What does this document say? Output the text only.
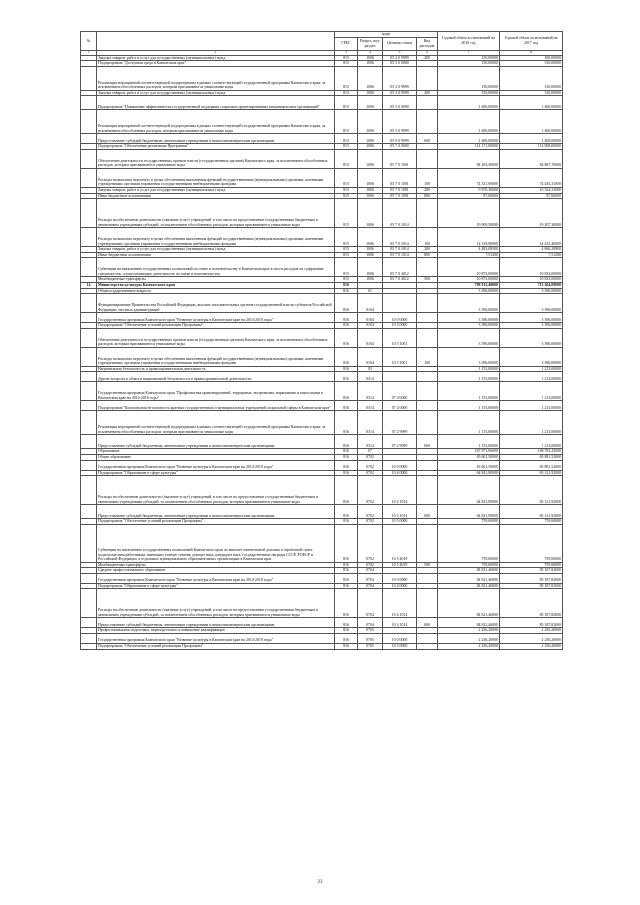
№		коды				Годовой объем ассигнований на 2016 год	Годовой объем ассигнований на 2017 год
		ГРБС	Раздел, под-раздел	Целевая статья	Вид расходов		
1	2	3	4	5	6	7	8
	Закупка товаров, работ и услуг для государственных (муниципальных) нужд	815	1006	05 2 0 9999	200	150,00000	100,00000
	Подпрограмма "Доступная среда в Камчатском крае"	815	1006	05 3 0 0000		150,00000	310,00000
	Реализация мероприятий соответствующей подпрограммы в рамках соответствующей государственной программы Камчатского края, за исключением обособленных расходов, которым присваиваются уникальные коды	815	1006	05 3 0 9999		150,00000	310,00000
	Закупка товаров, работ и услуг для государственных (муниципальных) нужд	815	1006	05 3 0 9999	200	150,00000	310,00000
	Подпрограмма "Повышение эффективности государственной поддержки социально ориентированных некоммерческих организаций"	815	1006	05 5 0 0000		1 400,00000	1 400,00000
	Реализация мероприятий соответствующей подпрограммы в рамках соответствующей государственной программы Камчатского края, за исключением обособленных расходов, которым присваиваются уникальные коды	815	1006	05 5 0 9999		1 400,00000	1 400,00000
	Предоставление субсидий бюджетным, автономным учреждениям и иным некоммерческим организациям	815	1006	05 5 0 9999	600	1 400,00000	1 400,00000
	Подпрограмма "Обеспечение реализации Программы"	815	1006	05 7 0 0000		114 171,00000	114 908,00000
	Обеспечение деятельности государственных органов власти (государственных органов) Камчатского края, за исключением обособленных расходов, которым присваиваются уникальные коды	815	1006	05 7 0 1001		84 293,30000	84 867,70000
	Расходы на выплаты персоналу в целях обеспечения выполнения функций государственными (муниципальными) органами, казенными учреждениями, органами управления государственными внебюджетными фондами	815	1006	05 7 0 1001	100	74 331,00000	74 435,31000
	Закупка товаров, работ и услуг для государственных (муниципальных) нужд	815	1006	05 7 0 1001	200	9 870,30000	10 324,33000
	Иные бюджетные ассигнования	815	1006	05 7 0 1001	800	87,66000	87,66000
	Расходы на обеспечение деятельности (оказание услуг) учреждений, в том числе на предоставление государственным бюджетным и автономным учреждениям субсидий, за исключением обособленных расходов, которым присваиваются уникальные коды	815	1006	05 7 0 1014		19 009,50000	19 207,30000
	Расходы на выплаты персоналу в целях обеспечения выполнения функций государственными (муниципальными) органами, казенными учреждениями, органами управления государственными внебюджетными фондами	815	1006	05 7 0 1014	100	14 518,90000	14 433,40000
	Закупка товаров, работ и услуг для государственных (муниципальных) нужд	815	1006	05 7 0 1014	200	4 483,08500	4 866,28900
	Иные бюджетные ассигнования	815	1006	05 7 0 1014	800	7,51200	7,51200
	Субвенции на выполнение государственных полномочий по опеке и попечительству в Камчатском крае в части расходов на содержание специалистов, осуществляющих деятельность по опеке и попечительству	815	1006	05 7 0 4012		10 873,00000	10 833,00000
	Межбюджетные трансферты	815	1006	05 7 0 4012	500	10 873,00000	10 833,00000
14	Министерство культуры Камчатского края	816				708 012,40000	713 264,09000
	Общегосударственные вопросы	816	01			3 396,00000	3 396,00000
	Функционирование Правительства Российской Федерации, высших исполнительных органов государственной власти субъектов Российской Федерации, местных администраций	816	0104			3 396,00000	3 396,00000
	Государственная программа Камчатского края "Развитие культуры в Камчатском крае на 2014-2018 годы"	816	0104	10 0 0000		3 396,00000	3 396,00000
	Подпрограмма "Обеспечение условий реализации Программы"	816	0104	10 5 0000		3 396,00000	3 396,00000
	Обеспечение деятельности государственных органов власти (государственных органов) Камчатского края, за исключением обособленных расходов, которым присваиваются уникальные коды	816	0104	10 5 1001		3 396,00000	3 396,00000
	Расходы на выплаты персоналу в целях обеспечения выполнения функций государственными (муниципальными) органами, казенными учреждениями, органами управления государственными внебюджетными фондами	816	0104	10 5 1001	100	3 396,00000	3 396,00000
	Национальная безопасность и правоохранительная деятельность	816	03			1 153,00000	1 213,00000
	Другие вопросы в области национальной безопасности и правоохранительной деятельности	816	0314			1 153,00000	1 213,00000
	Государственная программа Камчатского края "Профилактика правонарушений, терроризма, экстремизма, наркомании и алкоголизма в Камчатском крае на 2014-2018 годы"	816	0314	07 0 0000		1 153,00000	1 213,00000
	Подпрограмма "Комплексная безопасность краевых государственных и муниципальных учреждений социальной сферы в Камчатском крае"	816	0314	07 2 0000		1 153,00000	1 213,00000
	Реализация мероприятий соответствующей подпрограммы в рамках соответствующей государственной программы Камчатского края, за исключением обособленных расходов, которым присваиваются уникальные коды	816	0314	07 2 9999		1 153,00000	1 213,00000
	Предоставление субсидий бюджетным, автономным учреждениям и иным некоммерческим организациям	816	0314	07 2 9999	600	1 153,00000	1 213,00000
	Образование	816	07			167 871,96000	168 783,43000
	Общее образование	816	0702			65 601,50000	65 881,52000
	Государственная программа Камчатского края "Развитие культуры в Камчатском крае на 2014-2018 годы"	816	0702	10 0 0000		65 601,50000	65 881,52000
	Подпрограмма "Образование в сфере культуры"	816	0702	10 4 0000		64 841,90000	65 121,92000
	Расходы на обеспечение деятельности (оказание услуг) учреждений, в том числе на предоставление государственным бюджетным и автономным учреждениям субсидий, за исключением обособленных расходов, которым присваиваются уникальные коды	816	0702	10 4 1014		64 841,90000	65 121,92000
	Предоставление субсидий бюджетным, автономным учреждениям и иным некоммерческим организациям	816	0702	10 4 1014	600	64 841,90000	65 121,92000
	Подпрограмма "Обеспечение условий реализации Программы"	816	0702	10 5 0000		759,60000	759,60000
	Субвенции на выполнение государственных полномочий Камчатского края по выплате ежемесячной доплаты к заработной плате педагогическим работникам, имеющим ученую степень доктора наук, кандидата наук, государственные награды СССР, РСФСР и Российской Федерации, в отдельных муниципальных образовательных организациях в Камчатском крае	816	0702	10 5 4019		759,60000	759,60000
	Межбюджетные трансферты	816	0702	10 5 4019	500	759,60000	759,60000
	Среднее профессиональное образование	816	0704			84 821,46000	85 187,82000
	Государственная программа Камчатского края "Развитие культуры в Камчатском крае на 2014-2018 годы"	816	0704	10 0 0000		84 821,46000	85 187,82000
	Подпрограмма "Образование в сфере культуры"	816	0704	10 4 0000		84 821,46000	85 187,82000
	Расходы на обеспечение деятельности (оказание услуг) учреждений, в том числе на предоставление государственным бюджетным и автономным учреждениям субсидий, за исключением обособленных расходов, которым присваиваются уникальные коды	816	0704	10 4 1014		84 821,46000	85 187,82000
	Предоставление субсидий бюджетным, автономным учреждениям и иным некоммерческим организациям	816	0704	10 4 1014	600	84 821,46000	85 187,82000
	Профессиональная подготовка, переподготовка и повышение квалификации	816	0705			2 256,20000	2 256,20000
	Государственная программа Камчатского края "Развитие культуры в Камчатском крае на 2014-2018 годы"	816	0705	10 0 0000		2 256,20000	2 256,20000
	Подпрограмма "Обеспечение условий реализации Программы"	816	0705	10 5 0000		2 256,20000	2 256,20000
23
